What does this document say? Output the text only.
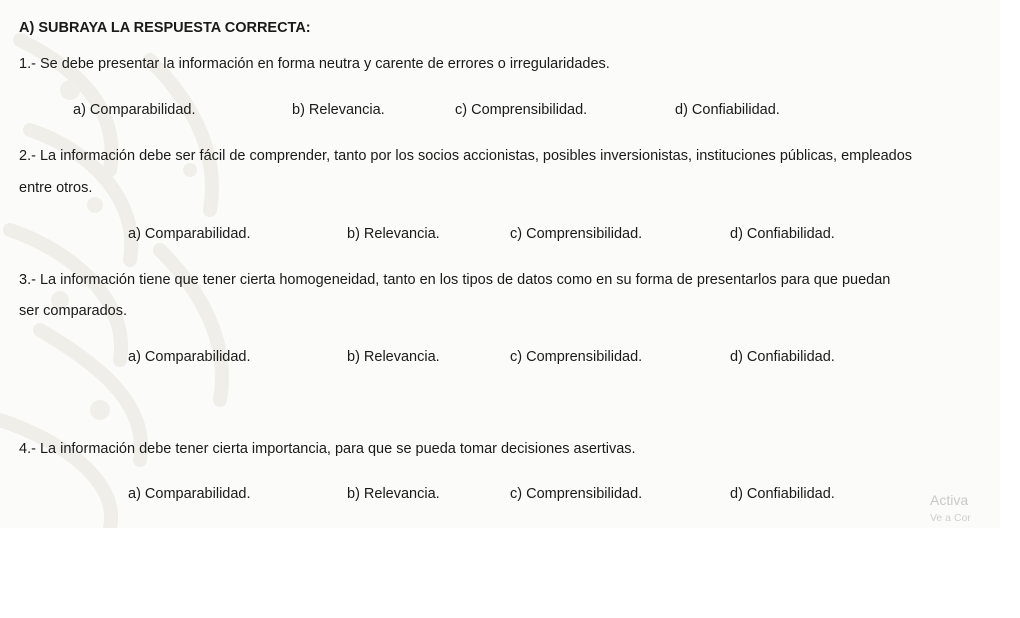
A) SUBRAYA LA RESPUESTA CORRECTA:
1.- Se debe presentar la información en forma neutra y carente de errores o irregularidades.
a) Comparabilidad.	b) Relevancia.	c) Comprensibilidad.	d) Confiabilidad.
2.- La información debe ser fácil de comprender, tanto por los socios accionistas, posibles inversionistas, instituciones públicas, empleados
entre otros.
a) Comparabilidad.	b) Relevancia.	c) Comprensibilidad.	d) Confiabilidad.
3.- La información tiene que tener cierta homogeneidad, tanto en los tipos de datos como en su forma de presentarlos para que puedan
ser comparados.
a) Comparabilidad.	b) Relevancia.	c) Comprensibilidad.	d) Confiabilidad.
4.- La información debe tener cierta importancia, para que se pueda tomar decisiones asertivas.
a) Comparabilidad.	b) Relevancia.	c) Comprensibilidad.	d) Confiabilidad.	Activa
Ve a Cor
